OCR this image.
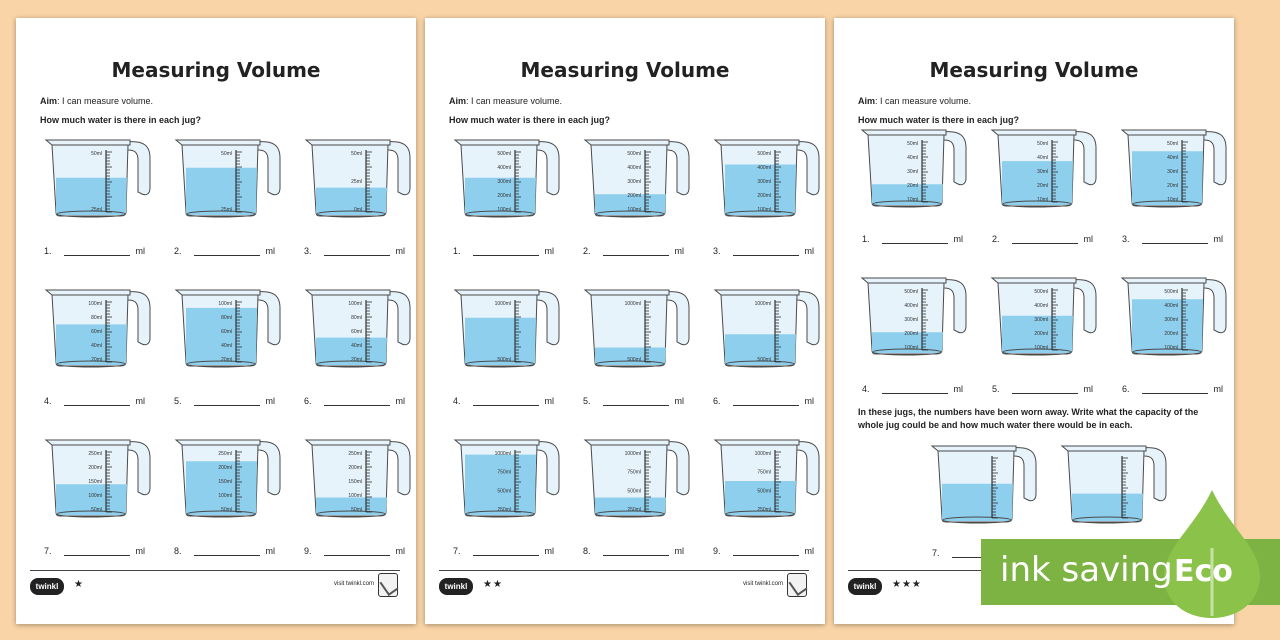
Measuring Volume
Aim: I can measure volume.
How much water is there in each jug?
twinkl	★	visit twinkl.com
50ml
25ml
1.	ml
50ml
25ml
2.	ml
50ml
25ml
0ml
3.	ml
100ml
80ml
60ml
40ml
20ml
4.	ml
100ml
80ml
60ml
40ml
20ml
5.	ml
100ml
80ml
60ml
40ml
20ml
6.	ml
250ml
200ml
150ml
100ml
50ml
7.	ml
250ml
200ml
150ml
100ml
50ml
8.	ml
250ml
200ml
150ml
100ml
50ml
9.	ml
Measuring Volume
Aim: I can measure volume.
How much water is there in each jug?
twinkl	★★	visit twinkl.com
500ml
400ml
300ml
200ml
100ml
1.	ml
500ml
400ml
300ml
200ml
100ml
2.	ml
500ml
400ml
300ml
200ml
100ml
3.	ml
1000ml
500ml
4.	ml
1000ml
500ml
5.	ml
1000ml
500ml
6.	ml
1000ml
750ml
500ml
250ml
7.	ml
1000ml
750ml
500ml
250ml
8.	ml
1000ml
750ml
500ml
250ml
9.	ml
Measuring Volume
Aim: I can measure volume.
How much water is there in each jug?
In these jugs, the numbers have been worn away. Write what the capacity of the whole jug could be and how much water there would be in each.
twinkl	★★★
50ml
40ml
30ml
20ml
10ml
1.	ml
50ml
40ml
30ml
20ml
10ml
2.	ml
50ml
40ml
30ml
20ml
10ml
3.	ml
500ml
400ml
300ml
200ml
100ml
4.	ml
500ml
400ml
300ml
200ml
100ml
5.	ml
500ml
400ml
300ml
200ml
100ml
6.	ml
7. ink saving Eco
